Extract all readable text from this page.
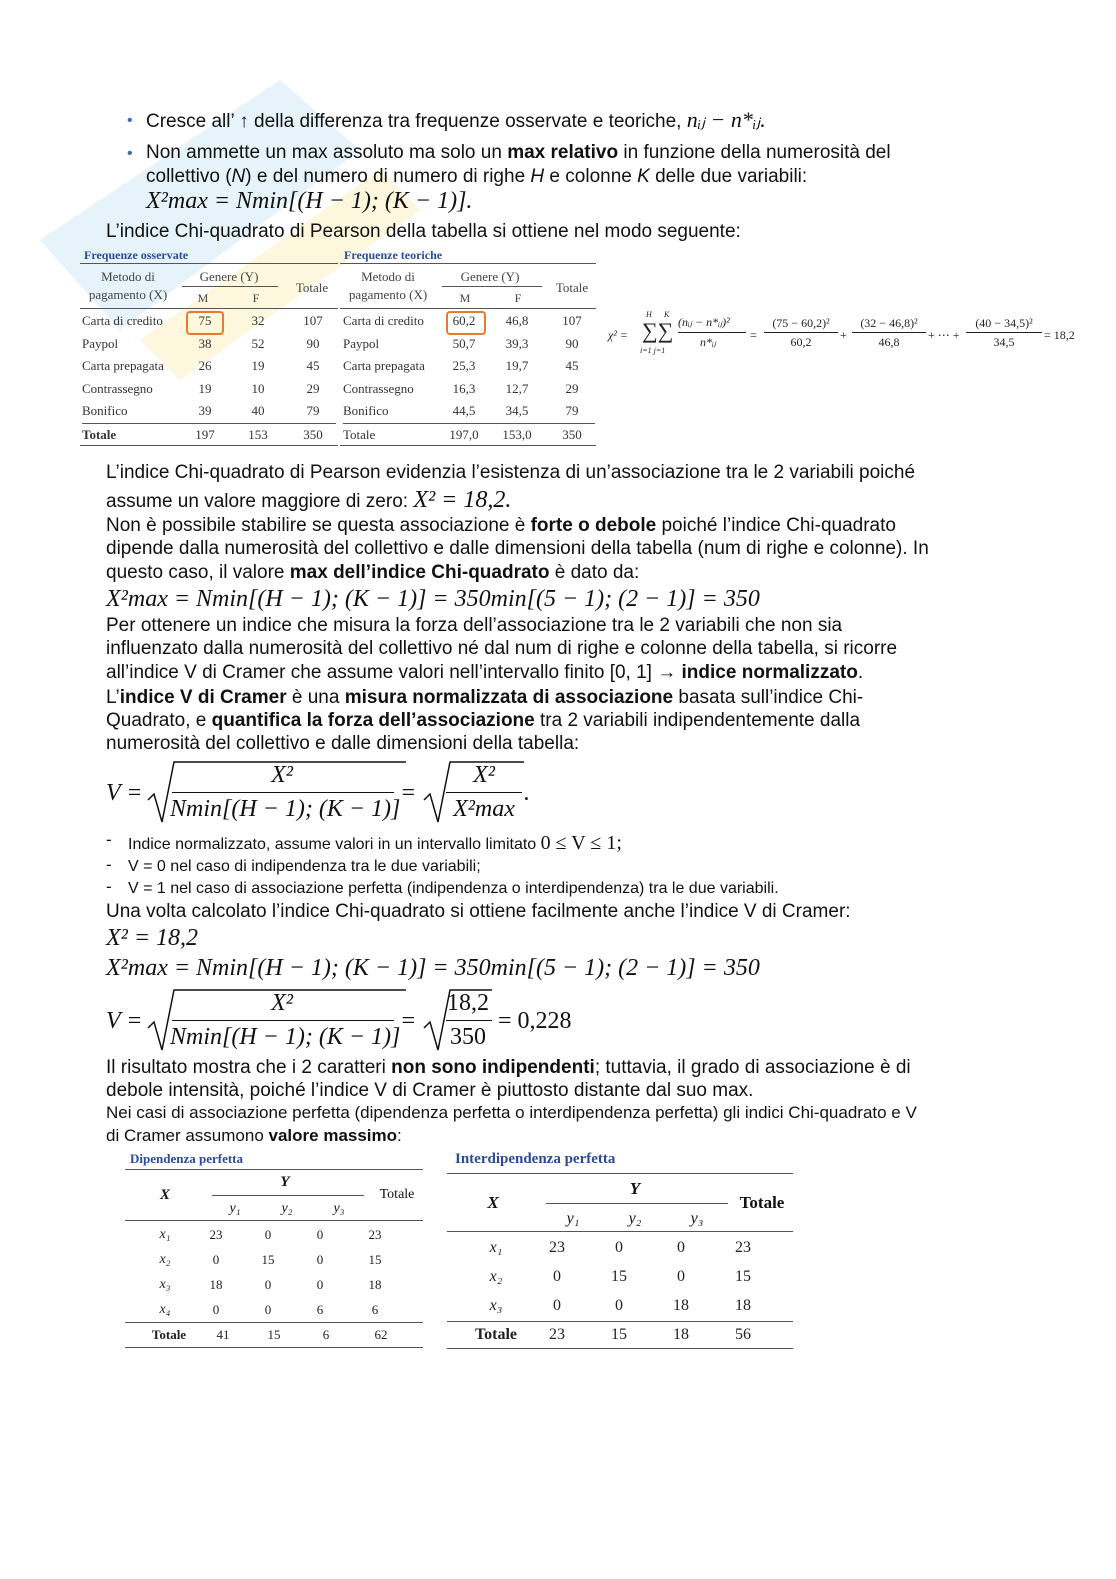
• Cresce all’ ↑ della differenza tra frequenze osservate e teoriche, nᵢⱼ − n*ᵢⱼ.
• Non ammette un max assoluto ma solo un max relativo in funzione della numerosità del
collettivo (N) e del numero di numero di righe H e colonne K delle due variabili:
X²max = Nmin[(H − 1); (K − 1)].
L’indice Chi-quadrato di Pearson della tabella si ottiene nel modo seguente:
Frequenze osservate
Metodo di pagamento (X)
Genere (Y)
M	F
Totale
Carta di credito	75	32	107
Paypol	38	52	90
Carta prepagata	26	19	45
Contrassegno	19	10	29
Bonifico	39	40	79
Totale	197	153	350
Frequenze teoriche
Metodo di pagamento (X)
Genere (Y)
M	F
Totale
Carta di credito	60,2	46,8	107
Paypol	50,7	39,3	90
Carta prepagata	25,3	19,7	45
Contrassegno	16,3	12,7	29
Bonifico	44,5	34,5	79
Totale	197,0	153,0	350
χ² = ∑∑
H K
i=1 j=1
(nᵢⱼ − n*ᵢⱼ)²
n*ᵢⱼ	=
(75 − 60,2)²
60,2	+
(32 − 46,8)²
46,8	+ ⋯ +
(40 − 34,5)²
34,5	= 18,2
L’indice Chi-quadrato di Pearson evidenzia l’esistenza di un’associazione tra le 2 variabili poiché
assume un valore maggiore di zero: X² = 18,2.
Non è possibile stabilire se questa associazione è forte o debole poiché l’indice Chi-quadrato
dipende dalla numerosità del collettivo e dalle dimensioni della tabella (num di righe e colonne). In
questo caso, il valore max dell’indice Chi-quadrato è dato da:
X²max = Nmin[(H − 1); (K − 1)] = 350min[(5 − 1); (2 − 1)] = 350
Per ottenere un indice che misura la forza dell’associazione tra le 2 variabili che non sia
influenzato dalla numerosità del collettivo né dal num di righe e colonne della tabella, si ricorre
all’indice V di Cramer che assume valori nell’intervallo finito [0, 1] → indice normalizzato.
L’indice V di Cramer è una misura normalizzata di associazione basata sull’indice Chi-
Quadrato, e quantifica la forza dell’associazione tra 2 variabili indipendentemente dalla
numerosità del collettivo e dalle dimensioni della tabella:
V =
X²
Nmin[(H − 1); (K − 1)]
=
X²
X²max
.
- Indice normalizzato, assume valori in un intervallo limitato 0 ≤ V ≤ 1;
- V = 0 nel caso di indipendenza tra le due variabili;
- V = 1 nel caso di associazione perfetta (indipendenza o interdipendenza) tra le due variabili.
Una volta calcolato l’indice Chi-quadrato si ottiene facilmente anche l’indice V di Cramer:
X² = 18,2
X²max = Nmin[(H − 1); (K − 1)] = 350min[(5 − 1); (2 − 1)] = 350
V =
X²
Nmin[(H − 1); (K − 1)]
=
18,2
350
= 0,228
Il risultato mostra che i 2 caratteri non sono indipendenti; tuttavia, il grado di associazione è di
debole intensità, poiché l’indice V di Cramer è piuttosto distante dal suo max.
Nei casi di associazione perfetta (dipendenza perfetta o interdipendenza perfetta) gli indici Chi-quadrato e V
di Cramer assumono valore massimo:
Dipendenza perfetta
X
Y
Totale
y₁	y₂	y₃
x₁	23	0	0	23
x₂	0	15	0	15
x₃	18	0	0	18
x₄	0	0	6	6
Totale	41	15	6	62
Interdipendenza perfetta
X
Y
Totale
y₁	y₂	y₃
x₁	23	0	0	23
x₂	0	15	0	15
x₃	0	0	18	18
Totale	23	15	18	56
